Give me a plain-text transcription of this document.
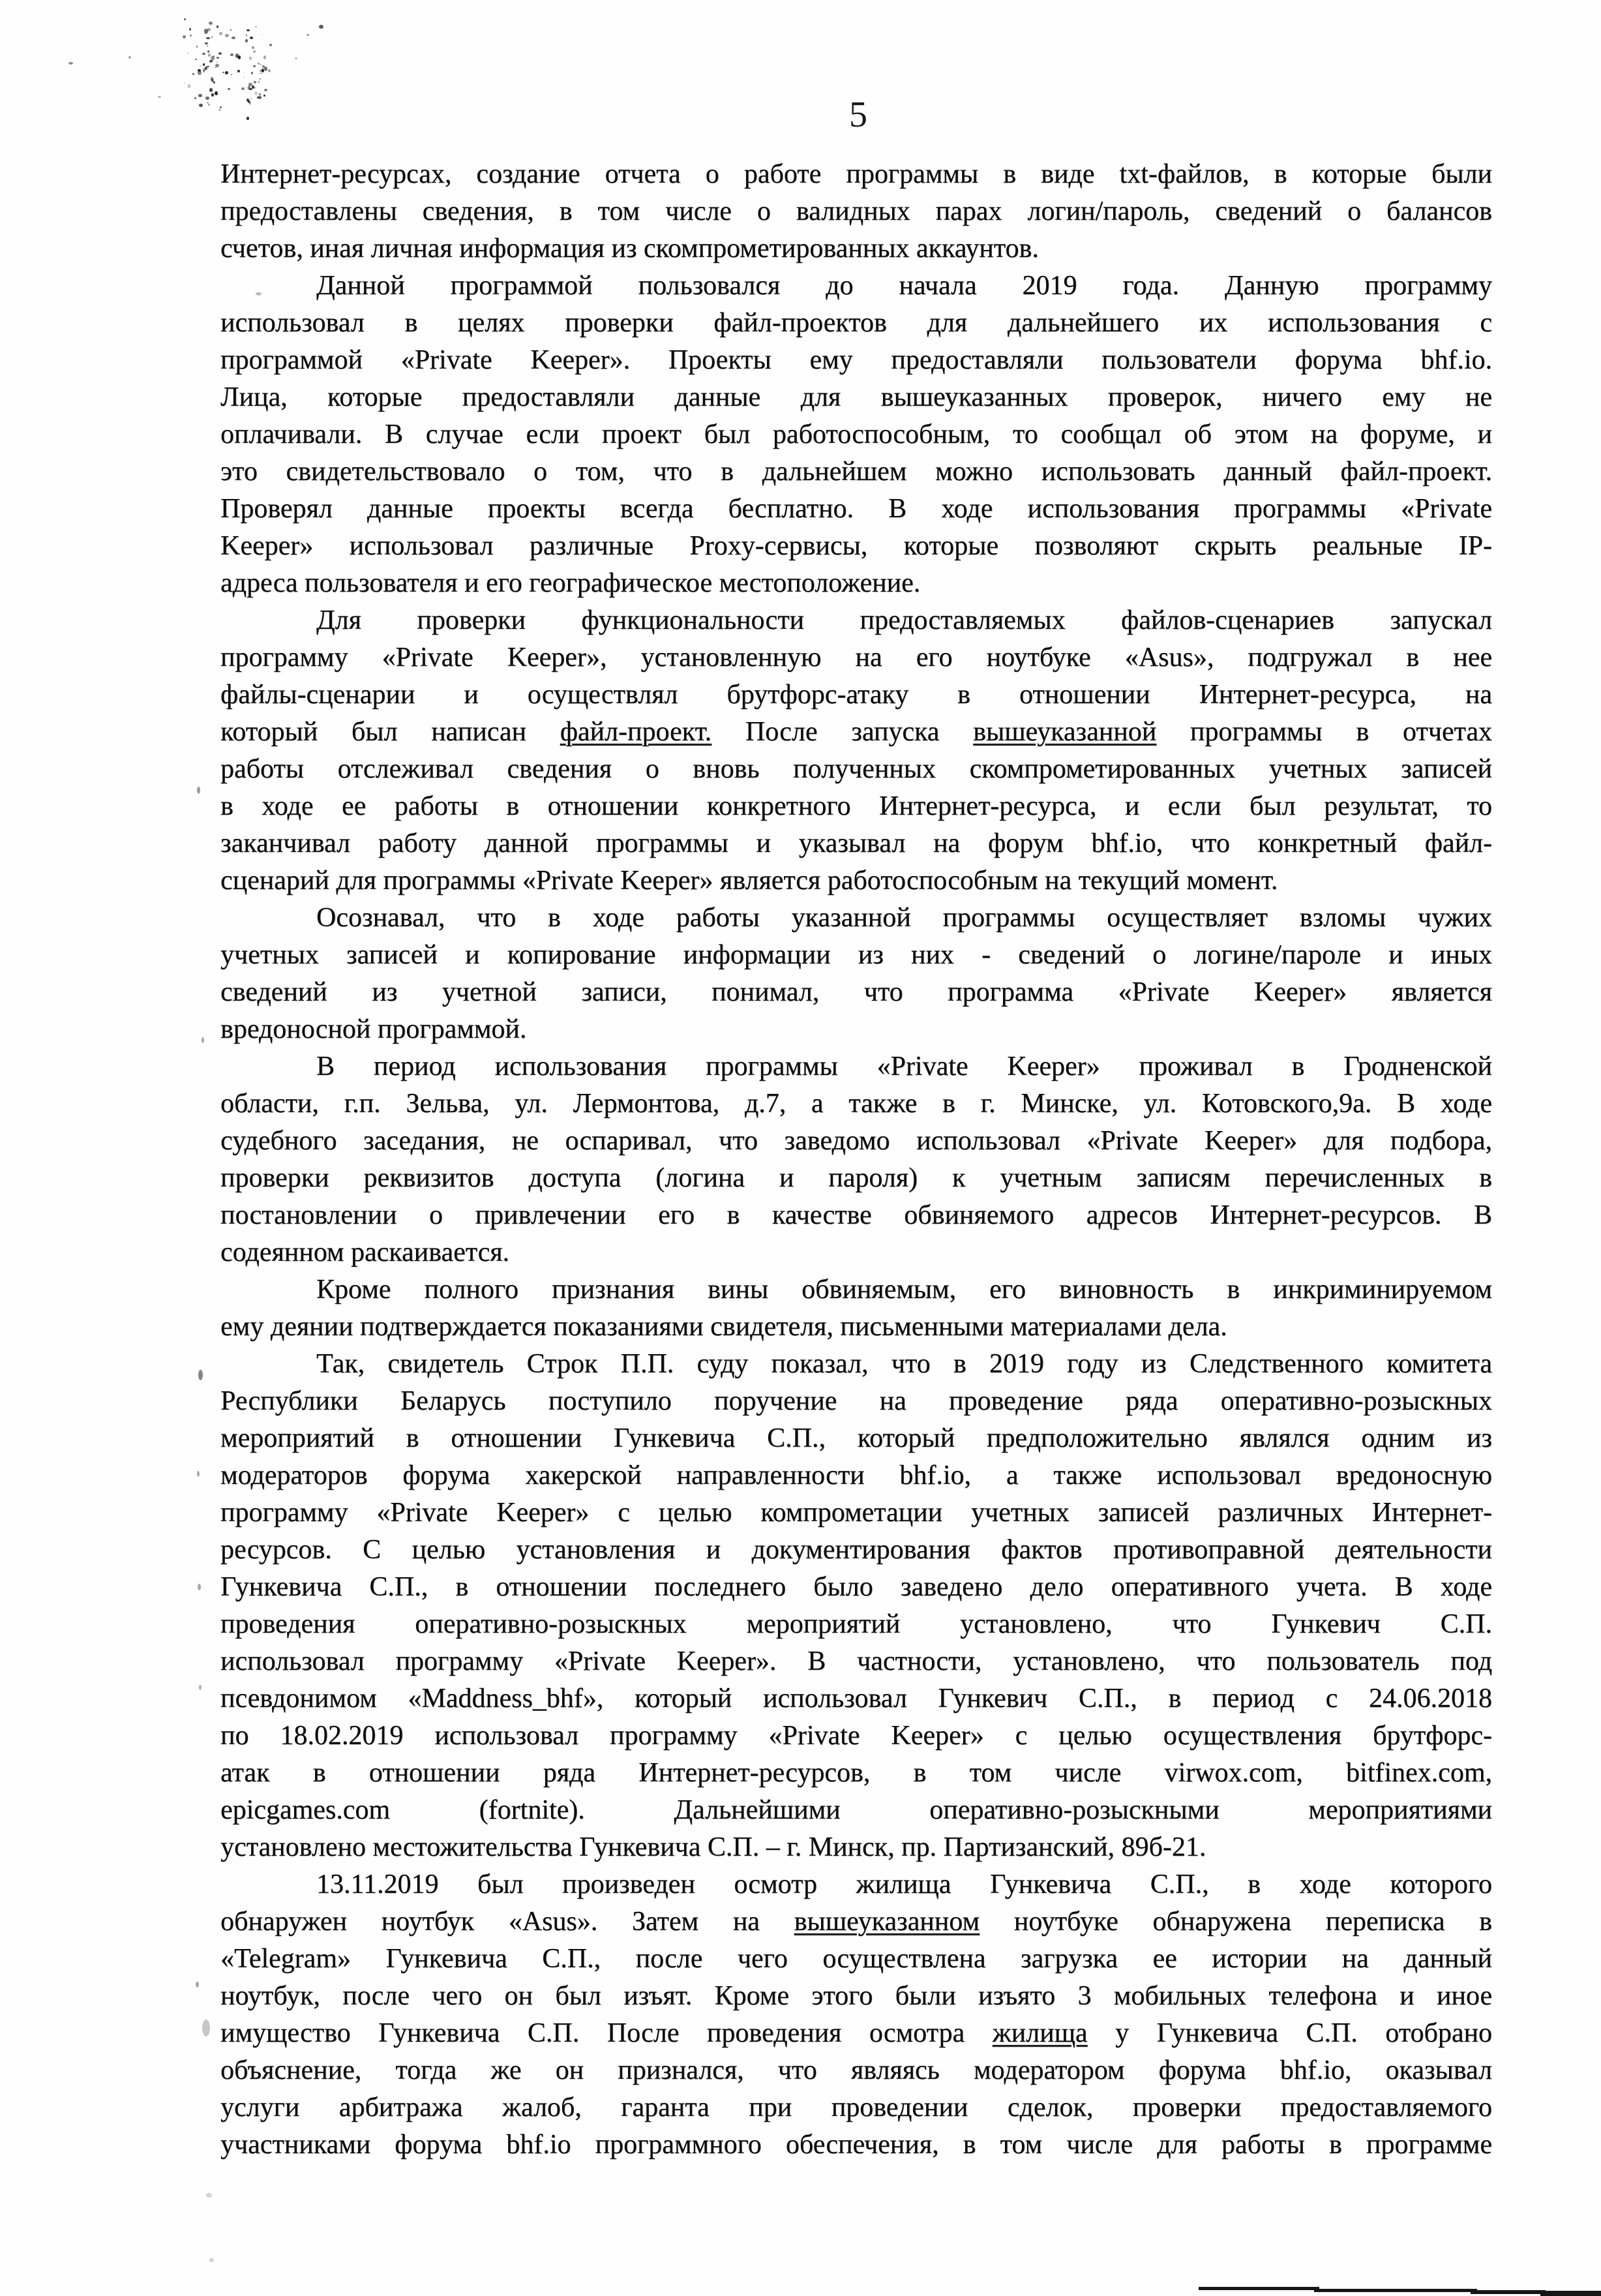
5
Интернет-ресурсах, создание отчета о работе программы в виде txt-файлов, в которые были
предоставлены сведения, в том числе о валидных парах логин/пароль, сведений о балансов
счетов, иная личная информация из скомпрометированных аккаунтов.
Данной программой пользовался до начала 2019 года. Данную программу
использовал в целях проверки файл-проектов для дальнейшего их использования с
программой «Private Keeper». Проекты ему предоставляли пользователи форума bhf.io.
Лица, которые предоставляли данные для вышеуказанных проверок, ничего ему не
оплачивали. В случае если проект был работоспособным, то сообщал об этом на форуме, и
это свидетельствовало о том, что в дальнейшем можно использовать данный файл-проект.
Проверял данные проекты всегда бесплатно. В ходе использования программы «Private
Keeper» использовал различные Proxy-сервисы, которые позволяют скрыть реальные IP-
адреса пользователя и его географическое местоположение.
Для проверки функциональности предоставляемых файлов-сценариев запускал
программу «Private Keeper», установленную на его ноутбуке «Asus», подгружал в нее
файлы-сценарии и осуществлял брутфорс-атаку в отношении Интернет-ресурса, на
который был написан файл-проект. После запуска вышеуказанной программы в отчетах
работы отслеживал сведения о вновь полученных скомпрометированных учетных записей
в ходе ее работы в отношении конкретного Интернет-ресурса, и если был результат, то
заканчивал работу данной программы и указывал на форум bhf.io, что конкретный файл-
сценарий для программы «Private Keeper» является работоспособным на текущий момент.
Осознавал, что в ходе работы указанной программы осуществляет взломы чужих
учетных записей и копирование информации из них - сведений о логине/пароле и иных
сведений из учетной записи, понимал, что программа «Private Keeper» является
вредоносной программой.
В период использования программы «Private Keeper» проживал в Гродненской
области, г.п. Зельва, ул. Лермонтова, д.7, а также в г. Минске, ул. Котовского,9а. В ходе
судебного заседания, не оспаривал, что заведомо использовал «Private Keeper» для подбора,
проверки реквизитов доступа (логина и пароля) к учетным записям перечисленных в
постановлении о привлечении его в качестве обвиняемого адресов Интернет-ресурсов. В
содеянном раскаивается.
Кроме полного признания вины обвиняемым, его виновность в инкриминируемом
ему деянии подтверждается показаниями свидетеля, письменными материалами дела.
Так, свидетель Строк П.П. суду показал, что в 2019 году из Следственного комитета
Республики Беларусь поступило поручение на проведение ряда оперативно-розыскных
мероприятий в отношении Гункевича С.П., который предположительно являлся одним из
модераторов форума хакерской направленности bhf.io, а также использовал вредоносную
программу «Private Keeper» с целью компрометации учетных записей различных Интернет-
ресурсов. С целью установления и документирования фактов противоправной деятельности
Гункевича С.П., в отношении последнего было заведено дело оперативного учета. В ходе
проведения оперативно-розыскных мероприятий установлено, что Гункевич С.П.
использовал программу «Private Keeper». В частности, установлено, что пользователь под
псевдонимом «Maddness_bhf», который использовал Гункевич С.П., в период с 24.06.2018
по 18.02.2019 использовал программу «Private Keeper» с целью осуществления брутфорс-
атак в отношении ряда Интернет-ресурсов, в том числе virwox.com, bitfinex.com,
epicgames.com (fortnite). Дальнейшими оперативно-розыскными мероприятиями
установлено местожительства Гункевича С.П. – г. Минск, пр. Партизанский, 89б-21.
13.11.2019 был произведен осмотр жилища Гункевича С.П., в ходе которого
обнаружен ноутбук «Asus». Затем на вышеуказанном ноутбуке обнаружена переписка в
«Telegram» Гункевича С.П., после чего осуществлена загрузка ее истории на данный
ноутбук, после чего он был изъят. Кроме этого были изъято 3 мобильных телефона и иное
имущество Гункевича С.П. После проведения осмотра жилища у Гункевича С.П. отобрано
объяснение, тогда же он признался, что являясь модератором форума bhf.io, оказывал
услуги арбитража жалоб, гаранта при проведении сделок, проверки предоставляемого
участниками форума bhf.io программного обеспечения, в том числе для работы в программе
